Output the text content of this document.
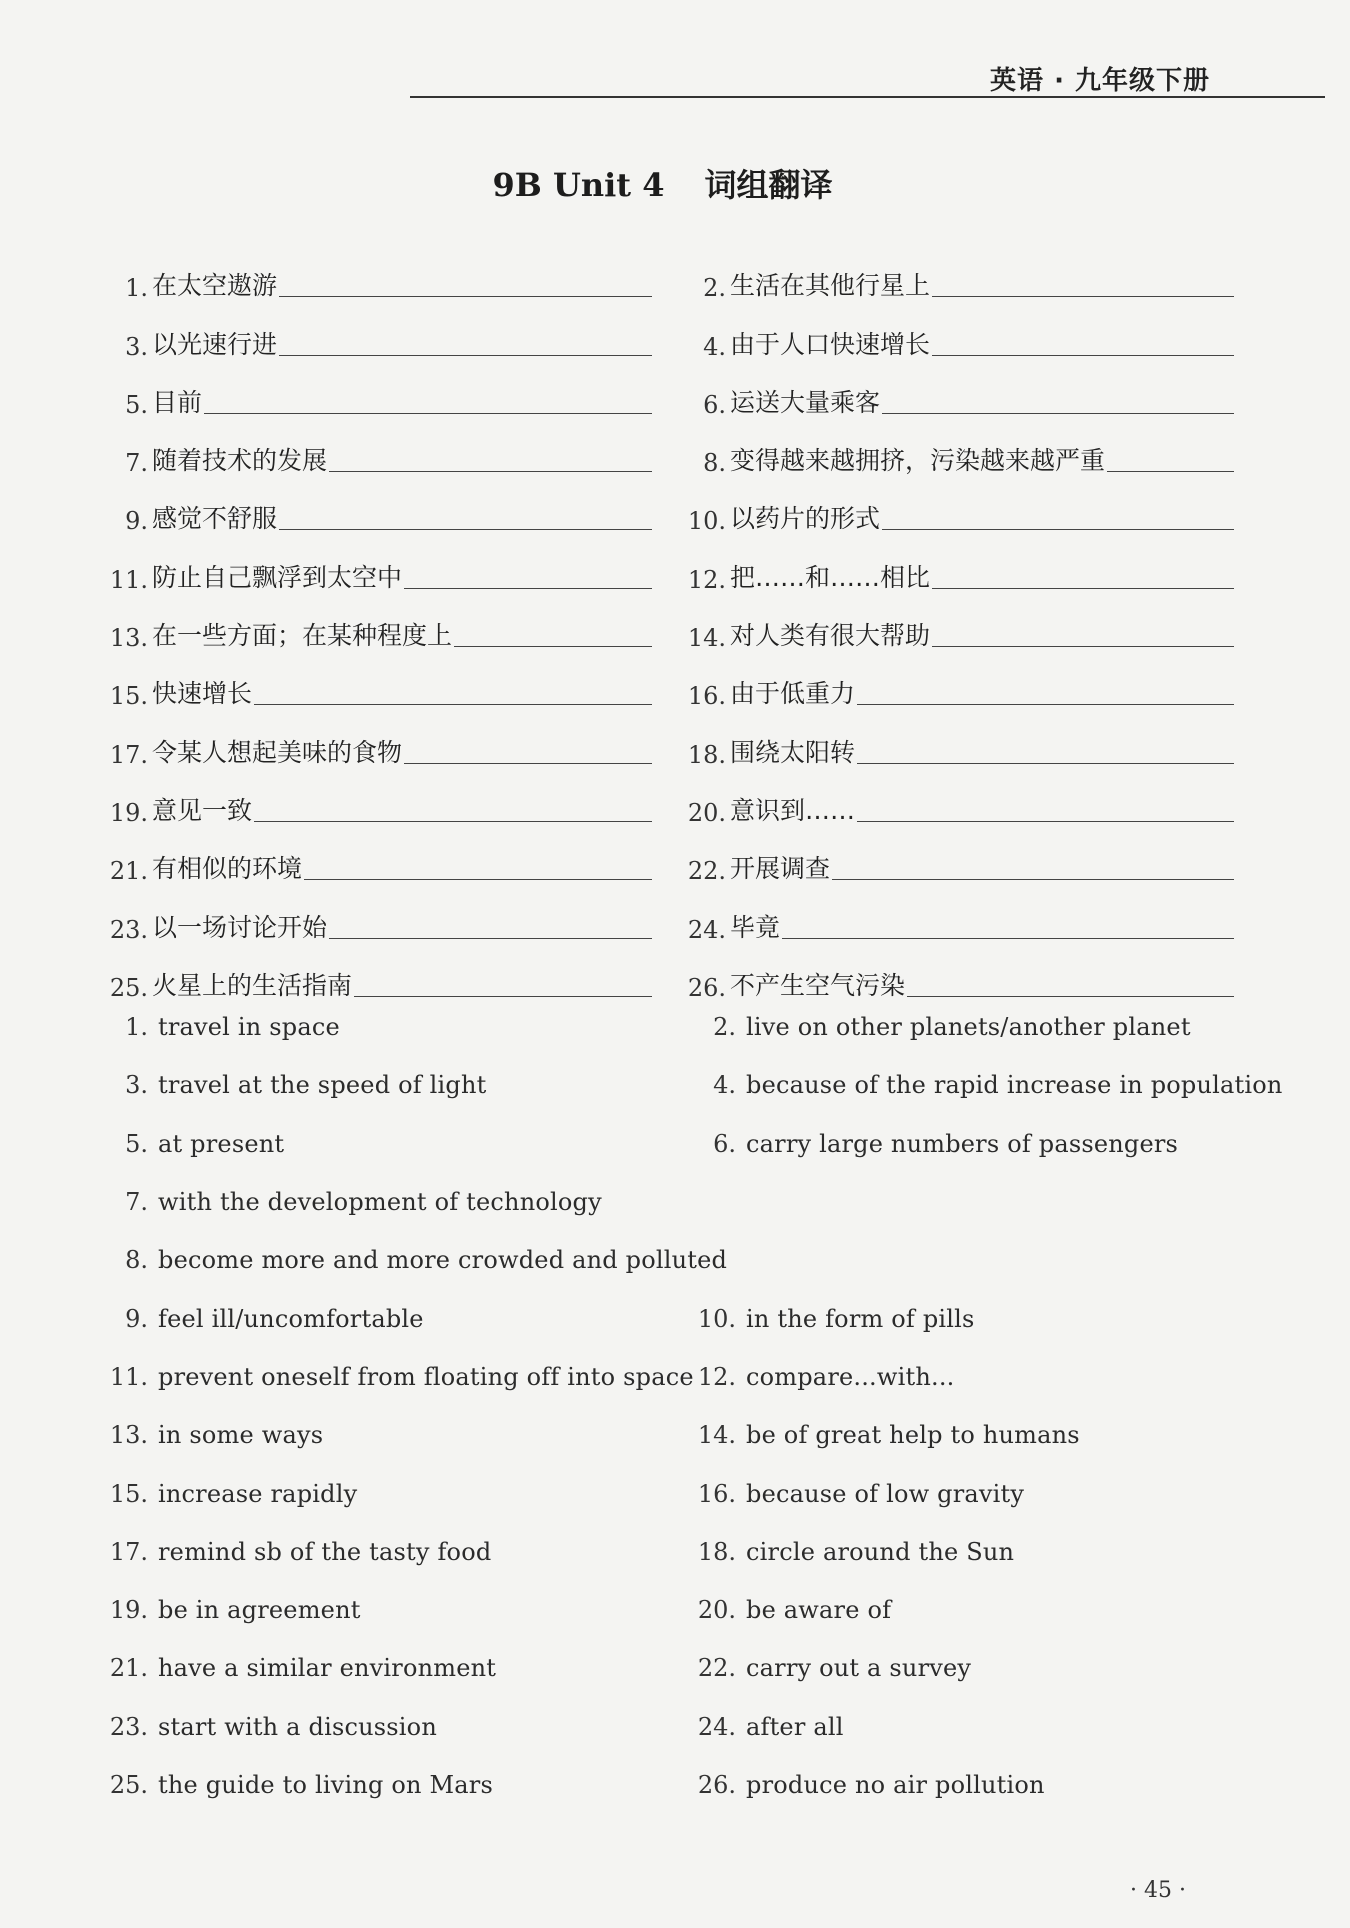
英语 · 九年级下册
9B Unit 4 词组翻译
1. 在太空遨游	2. 生活在其他行星上
3. 以光速行进	4. 由于人口快速增长
5. 目前	6. 运送大量乘客
7. 随着技术的发展	8. 变得越来越拥挤，污染越来越严重
9. 感觉不舒服	10. 以药片的形式
11. 防止自己飘浮到太空中	12. 把……和……相比
13. 在一些方面；在某种程度上	14. 对人类有很大帮助
15. 快速增长	16. 由于低重力
17. 令某人想起美味的食物	18. 围绕太阳转
19. 意见一致	20. 意识到……
21. 有相似的环境	22. 开展调查
23. 以一场讨论开始	24. 毕竟
25. 火星上的生活指南	26. 不产生空气污染
1. travel in space	2. live on other planets/another planet
3. travel at the speed of light	4. because of the rapid increase in population
5. at present	6. carry large numbers of passengers
7. with the development of technology
8. become more and more crowded and polluted
9. feel ill/uncomfortable	10. in the form of pills
11. prevent oneself from floating off into space 12. compare...with...
13. in some ways	14. be of great help to humans
15. increase rapidly	16. because of low gravity
17. remind sb of the tasty food	18. circle around the Sun
19. be in agreement	20. be aware of
21. have a similar environment	22. carry out a survey
23. start with a discussion	24. after all
25. the guide to living on Mars	26. produce no air pollution
· 45 ·
